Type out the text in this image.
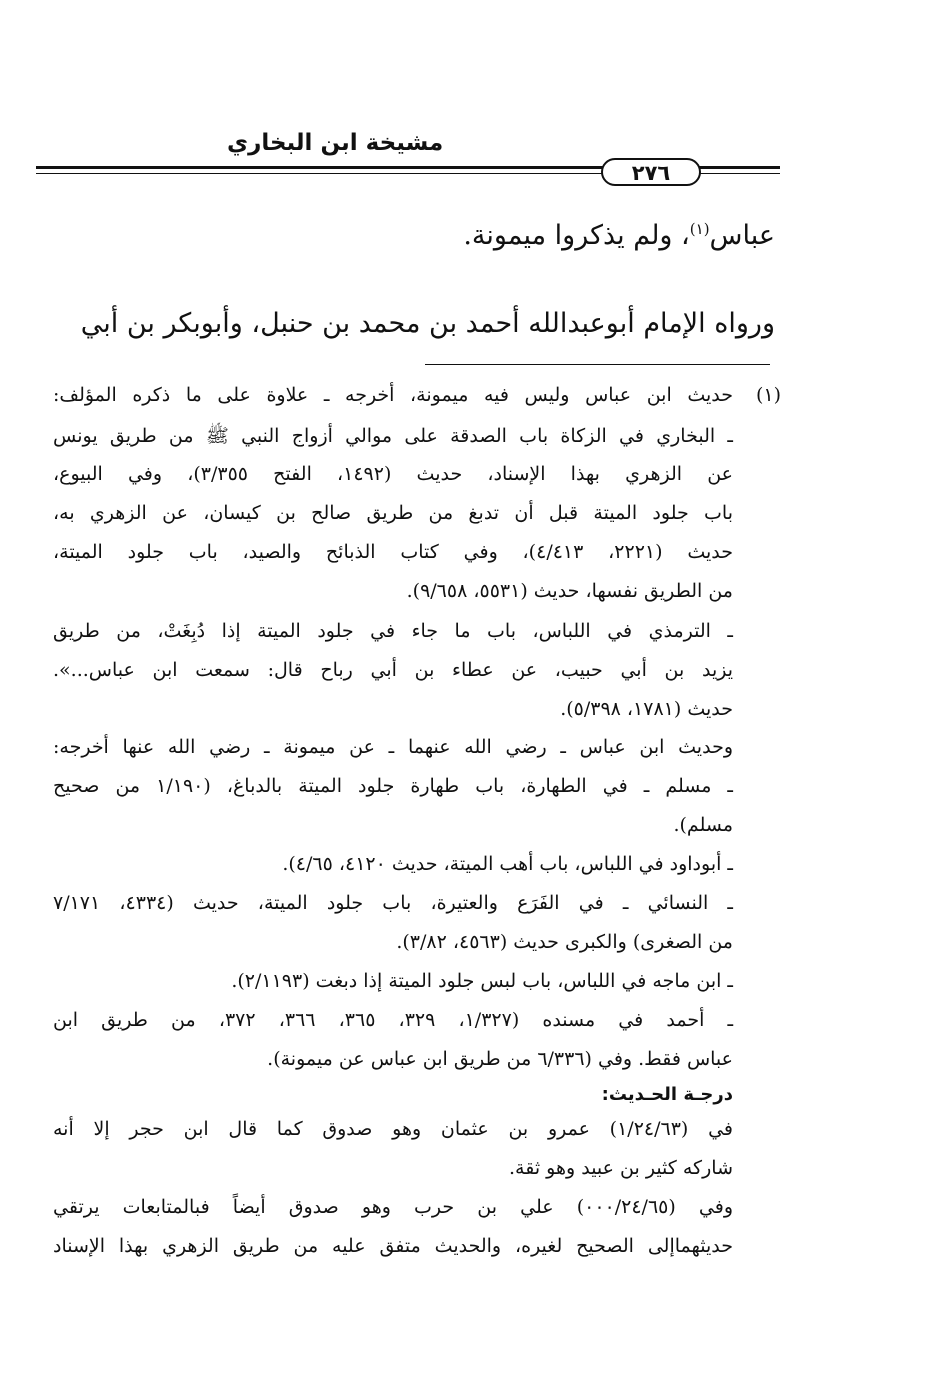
مشيخة ابن البخاري
٢٧٦
عباس$^{(١)}$، ولم يذكروا ميمونة.
ورواه الإمام أبوعبدالله أحمد بن محمد بن حنبل، وأبوبكر بن أبي
(١)
حديث ابن عباس وليس فيه ميمونة، أخرجه ـ علاوة على ما ذكره المؤلف:
ـ البخاري في الزكاة باب الصدقة على موالي أزواج النبي ﷺ من طريق يونس
عن الزهري بهذا الإسناد، حديث (١٤٩٢، الفتح ٣/٣٥٥)، وفي البيوع،
باب جلود الميتة قبل أن تدبغ من طريق صالح بن كيسان، عن الزهري به،
حديث (٢٢٢١، ٤/٤١٣)، وفي كتاب الذبائح والصيد، باب جلود الميتة،
من الطريق نفسها، حديث (٥٥٣١، ٩/٦٥٨).
ـ الترمذي في اللباس، باب ما جاء في جلود الميتة إذا دُبِغَتْ، من طريق
يزيد بن أبي حبيب، عن عطاء بن أبي رباح قال: سمعت ابن عباس...».
حديث (١٧٨١، ٥/٣٩٨).
وحديث ابن عباس ـ رضي الله عنهما ـ عن ميمونة ـ رضي الله عنها أخرجه:
ـ مسلم ـ في الطهارة، باب طهارة جلود الميتة بالدباغ، (١/١٩٠ من صحيح
مسلم).
ـ أبوداود في اللباس، باب أهب الميتة، حديث ٤١٢٠، ٤/٦٥).
ـ النسائي ـ في الفَرَع والعتيرة، باب جلود الميتة، حديث (٤٣٣٤، ٧/١٧١
من الصغرى) والكبرى حديث (٤٥٦٣، ٣/٨٢).
ـ ابن ماجه في اللباس، باب لبس جلود الميتة إذا دبغت (٢/١١٩٣).
ـ أحمد في مسنده (١/٣٢٧، ٣٢٩، ٣٦٥، ٣٦٦، ٣٧٢، من طريق ابن
عباس فقط. وفي (٦/٣٣٦ من طريق ابن عباس عن ميمونة).
درجـة الحـديث:
في (١/٢٤/٦٣) عمرو بن عثمان وهو صدوق كما قال ابن حجر إلا أنه
شاركه كثير بن عبيد وهو ثقة.
وفي (٠٠٠/٢٤/٦٥) علي بن حرب وهو صدوق أيضاً فبالمتابعات يرتقي
حديثهماإلى الصحيح لغيره، والحديث متفق عليه من طريق الزهري بهذا الإسناد
